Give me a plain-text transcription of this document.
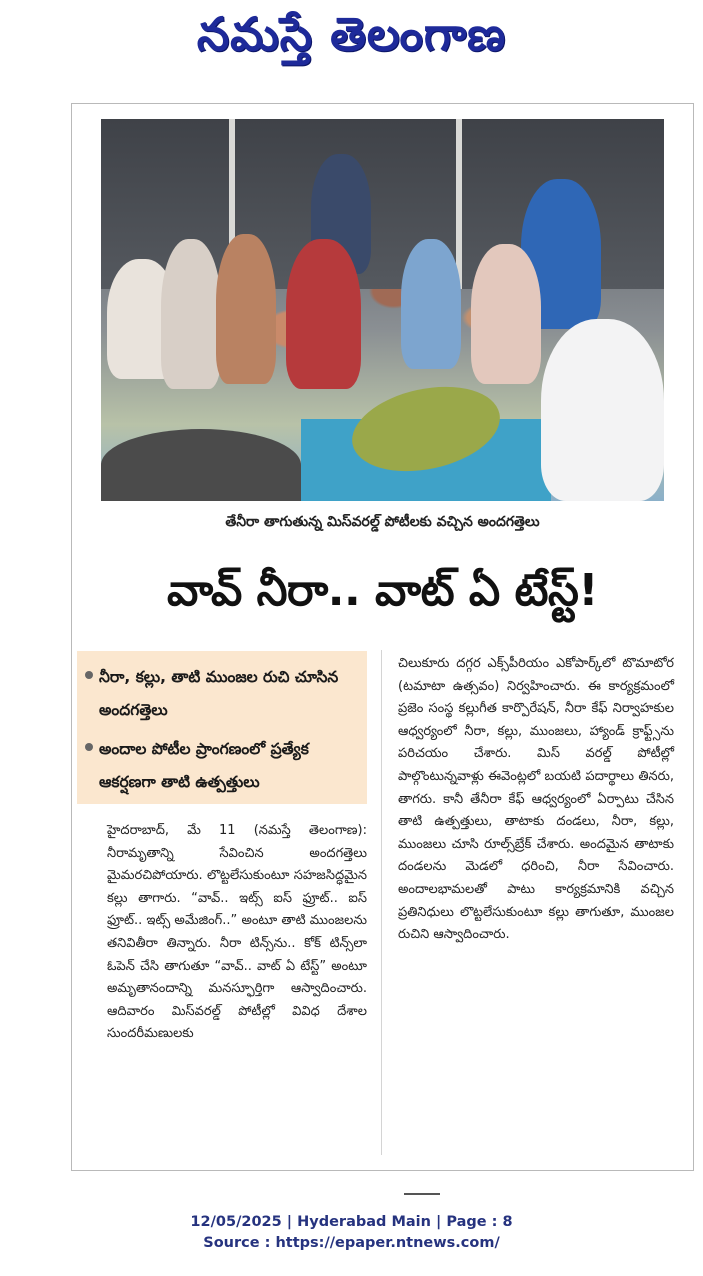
నమస్తే తెలంగాణ
తేనీరా తాగుతున్న మిస్‌వరల్డ్ పోటీలకు వచ్చిన అందగత్తెలు
వావ్ నీరా.. వాట్ ఏ టేస్ట్!
నీరా, కల్లు, తాటి ముంజల రుచి చూసిన అందగత్తెలు
అందాల పోటీల ప్రాంగణంలో ప్రత్యేక ఆకర్షణగా తాటి ఉత్పత్తులు

హైదరాబాద్, మే 11 (నమస్తే తెలంగాణ): నీరామృతాన్ని సేవించిన అందగత్తెలు మైమరచిపోయారు. లొట్టలేసుకుంటూ సహజసిద్ధమైన కల్లు తాగారు. “వావ్.. ఇట్స్ ఐస్ ఫ్రూట్.. ఐస్ ఫ్రూట్.. ఇట్స్ అమేజింగ్..” అంటూ తాటి ముంజలను తనివితీరా తిన్నారు. నీరా టిన్స్‌ను.. కోక్ టిన్స్‌లా ఓపెన్ చేసి తాగుతూ “వావ్.. వాట్ ఏ టేస్ట్” అంటూ అమృతానందాన్ని మనస్ఫూర్తిగా ఆస్వాదించారు. ఆదివారం మిస్‌వరల్డ్ పోటీల్లో వివిధ దేశాల సుందరీమణులకు

చిలుకూరు దగ్గర ఎక్స్‌పీరియం ఎకోపార్క్‌లో టొమాటోర (టమాటా ఉత్సవం) నిర్వహించారు. ఈ కార్యక్రమంలో ప్రజెం సంస్థ కల్లుగీత కార్పొరేషన్, నీరా కేఫ్ నిర్వాహకుల ఆధ్వర్యంలో నీరా, కల్లు, ముంజలు, హ్యాండ్ క్రాఫ్ట్స్‌ను పరిచయం చేశారు. మిస్ వరల్డ్ పోటీల్లో పాల్గొంటున్నవాళ్లు ఈవెంట్లలో బయటి పదార్థాలు తినరు, తాగరు. కానీ తేనీరా కేఫ్ ఆధ్వర్యంలో ఏర్పాటు చేసిన తాటి ఉత్పత్తులు, తాటాకు దండలు, నీరా, కల్లు, ముంజలు చూసి రూల్స్‌బ్రేక్ చేశారు. అందమైన తాటాకు దండలను మెడలో ధరించి, నీరా సేవించారు. అందాలభామలతో పాటు కార్యక్రమానికి వచ్చిన ప్రతినిధులు లొట్టలేసుకుంటూ కల్లు తాగుతూ, ముంజల రుచిని ఆస్వాదించారు.

12/05/2025 | Hyderabad Main | Page : 8
Source : https://epaper.ntnews.com/
